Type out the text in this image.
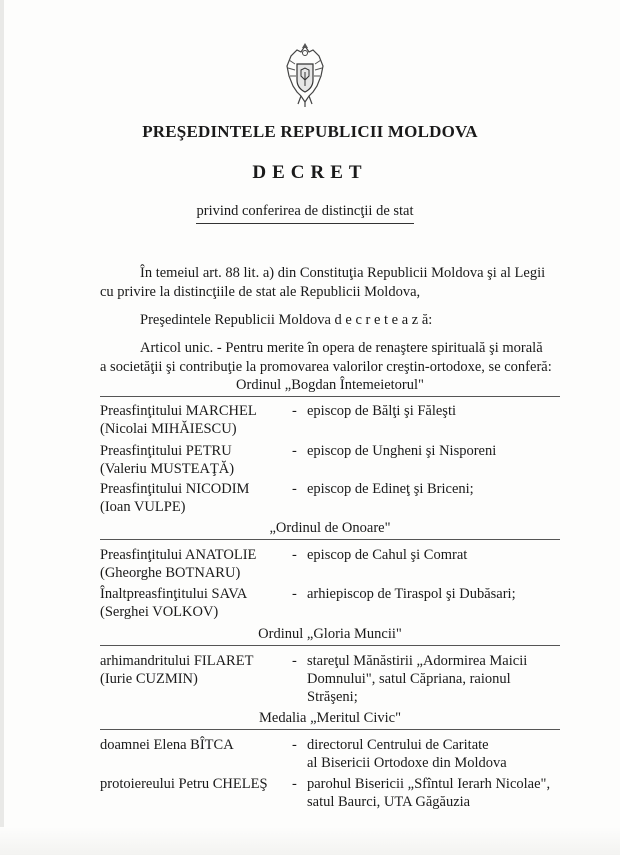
PREŞEDINTELE REPUBLICII MOLDOVA
DECRET
privind conferirea de distincţii de stat
În temeiul art. 88 lit. a) din Constituţia Republicii Moldova şi al Legii
cu privire la distincţiile de stat ale Republicii Moldova,
Preşedintele Republicii Moldova d e c r e t e a z ă:
Articol unic. - Pentru merite în opera de renaştere spirituală şi morală
a societăţii şi contribuţie la promovarea valorilor creştin-ortodoxe, se conferă:
Ordinul „Bogdan Întemeietorul"
Preasfinţitului MARCHEL
(Nicolai MIHĂIESCU)
- episcop de Bălţi şi Făleşti
Preasfinţitului PETRU
(Valeriu MUSTEAŢĂ)
- episcop de Ungheni şi Nisporeni
Preasfinţitului NICODIM
(Ioan VULPE)
- episcop de Edineţ şi Briceni;
„Ordinul de Onoare"
Preasfinţitului ANATOLIE
(Gheorghe BOTNARU)
- episcop de Cahul şi Comrat
Înaltpreasfinţitului SAVA
(Serghei VOLKOV)
- arhiepiscop de Tiraspol şi Dubăsari;
Ordinul „Gloria Muncii"
arhimandritului FILARET
(Iurie CUZMIN)
- stareţul Mănăstirii „Adormirea Maicii
Domnului", satul Căpriana, raionul
Străşeni;
Medalia „Meritul Civic"
doamnei Elena BÎTCA	- directorul Centrului de Caritate
al Bisericii Ortodoxe din Moldova
protoiereului Petru CHELEŞ	- parohul Bisericii „Sfîntul Ierarh Nicolae",
satul Baurci, UTA Găgăuzia
